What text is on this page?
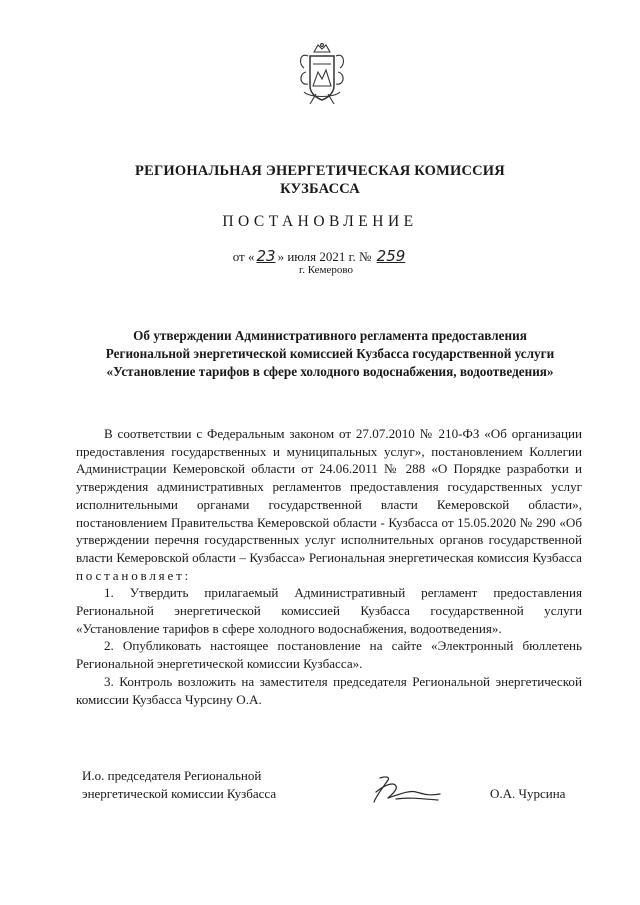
РЕГИОНАЛЬНАЯ ЭНЕРГЕТИЧЕСКАЯ КОМИССИЯ
КУЗБАССА
ПОСТАНОВЛЕНИЕ
от « 23 » июля 2021 г. № 259
г. Кемерово
Об утверждении Административного регламента предоставления
Региональной энергетической комиссией Кузбасса государственной услуги
«Установление тарифов в сфере холодного водоснабжения, водоотведения»

В соответствии с Федеральным законом от 27.07.2010 № 210-ФЗ «Об организации предоставления государственных и муниципальных услуг», постановлением Коллегии Администрации Кемеровской области от 24.06.2011 № 288 «О Порядке разработки и утверждения административных регламентов предоставления государственных услуг исполнительными органами государственной власти Кемеровской области», постановлением Правительства Кемеровской области - Кузбасса от 15.05.2020 № 290 «Об утверждении перечня государственных услуг исполнительных органов государственной власти Кемеровской области – Кузбасса» Региональная энергетическая комиссия Кузбасса постановляет:

1. Утвердить прилагаемый Административный регламент предоставления Региональной энергетической комиссией Кузбасса государственной услуги «Установление тарифов в сфере холодного водоснабжения, водоотведения».

2. Опубликовать настоящее постановление на сайте «Электронный бюллетень Региональной энергетической комиссии Кузбасса».

3. Контроль возложить на заместителя председателя Региональной энергетической комиссии Кузбасса Чурсину О.А.

И.о. председателя Региональной
энергетической комиссии Кузбасса	О.А. Чурсина
